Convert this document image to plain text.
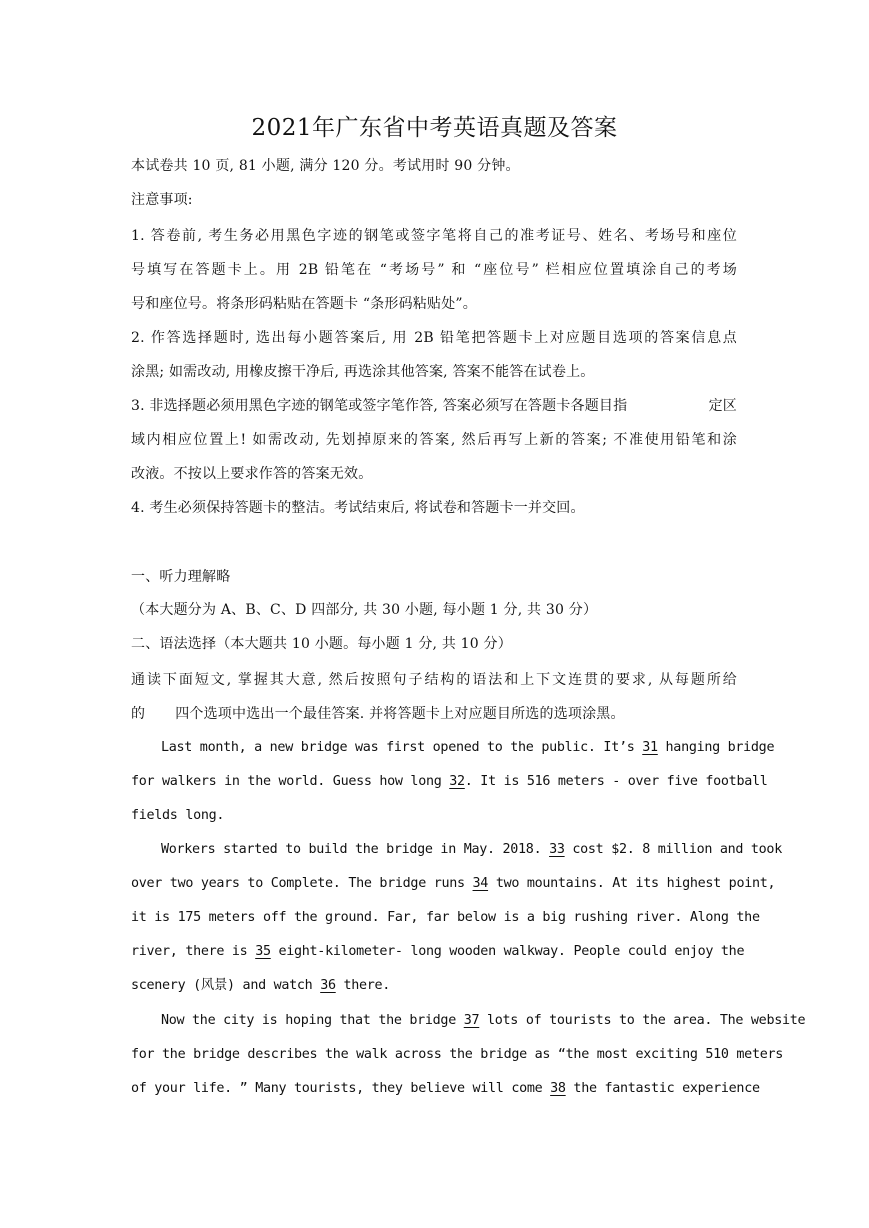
2021年广东省中考英语真题及答案
本试卷共 10 页, 81 小题, 满分 120 分。考试用时 90 分钟。
注意事项:
1. 答卷前, 考生务必用黑色字迹的钢笔或签字笔将自己的准考证号、姓名、考场号和座位
号填写在答题卡上。用 2B 铅笔在 “考场号” 和 “座位号” 栏相应位置填涂自己的考场
号和座位号。将条形码粘贴在答题卡 “条形码粘贴处”。
2. 作答选择题时, 选出每小题答案后, 用 2B 铅笔把答题卡上对应题目选项的答案信息点
涂黑; 如需改动, 用橡皮擦干净后, 再选涂其他答案, 答案不能答在试卷上。
3. 非选择题必须用黑色字迹的钢笔或签字笔作答, 答案必须写在答题卡各题目指	定区
域内相应位置上! 如需改动, 先划掉原来的答案, 然后再写上新的答案; 不准使用铅笔和涂
改液。不按以上要求作答的答案无效。
4. 考生必须保持答题卡的整洁。考试结束后, 将试卷和答题卡一并交回。
一、听力理解略
（本大题分为 A、B、C、D 四部分, 共 30 小题, 每小题 1 分, 共 30 分）
二、语法选择（本大题共 10 小题。每小题 1 分, 共 10 分）
通读下面短文, 掌握其大意, 然后按照句子结构的语法和上下文连贯的要求, 从每题所给
的 四个选项中选出一个最佳答案. 并将答题卡上对应题目所选的选项涂黑。
Last month, a new bridge was first opened to the public. It’s 31 hanging bridge
for walkers in the world. Guess how long 32. It is 516 meters - over five football
fields long.
Workers started to build the bridge in May. 2018. 33 cost $2. 8 million and took
over two years to Complete. The bridge runs 34 two mountains. At its highest point,
it is 175 meters off the ground. Far, far below is a big rushing river. Along the
river, there is 35 eight-kilometer- long wooden walkway. People could enjoy the
scenery (风景) and watch 36 there.
Now the city is hoping that the bridge 37 lots of tourists to the area. The website
for the bridge describes the walk across the bridge as “the most exciting 510 meters
of your life. ” Many tourists, they believe will come 38 the fantastic experience
